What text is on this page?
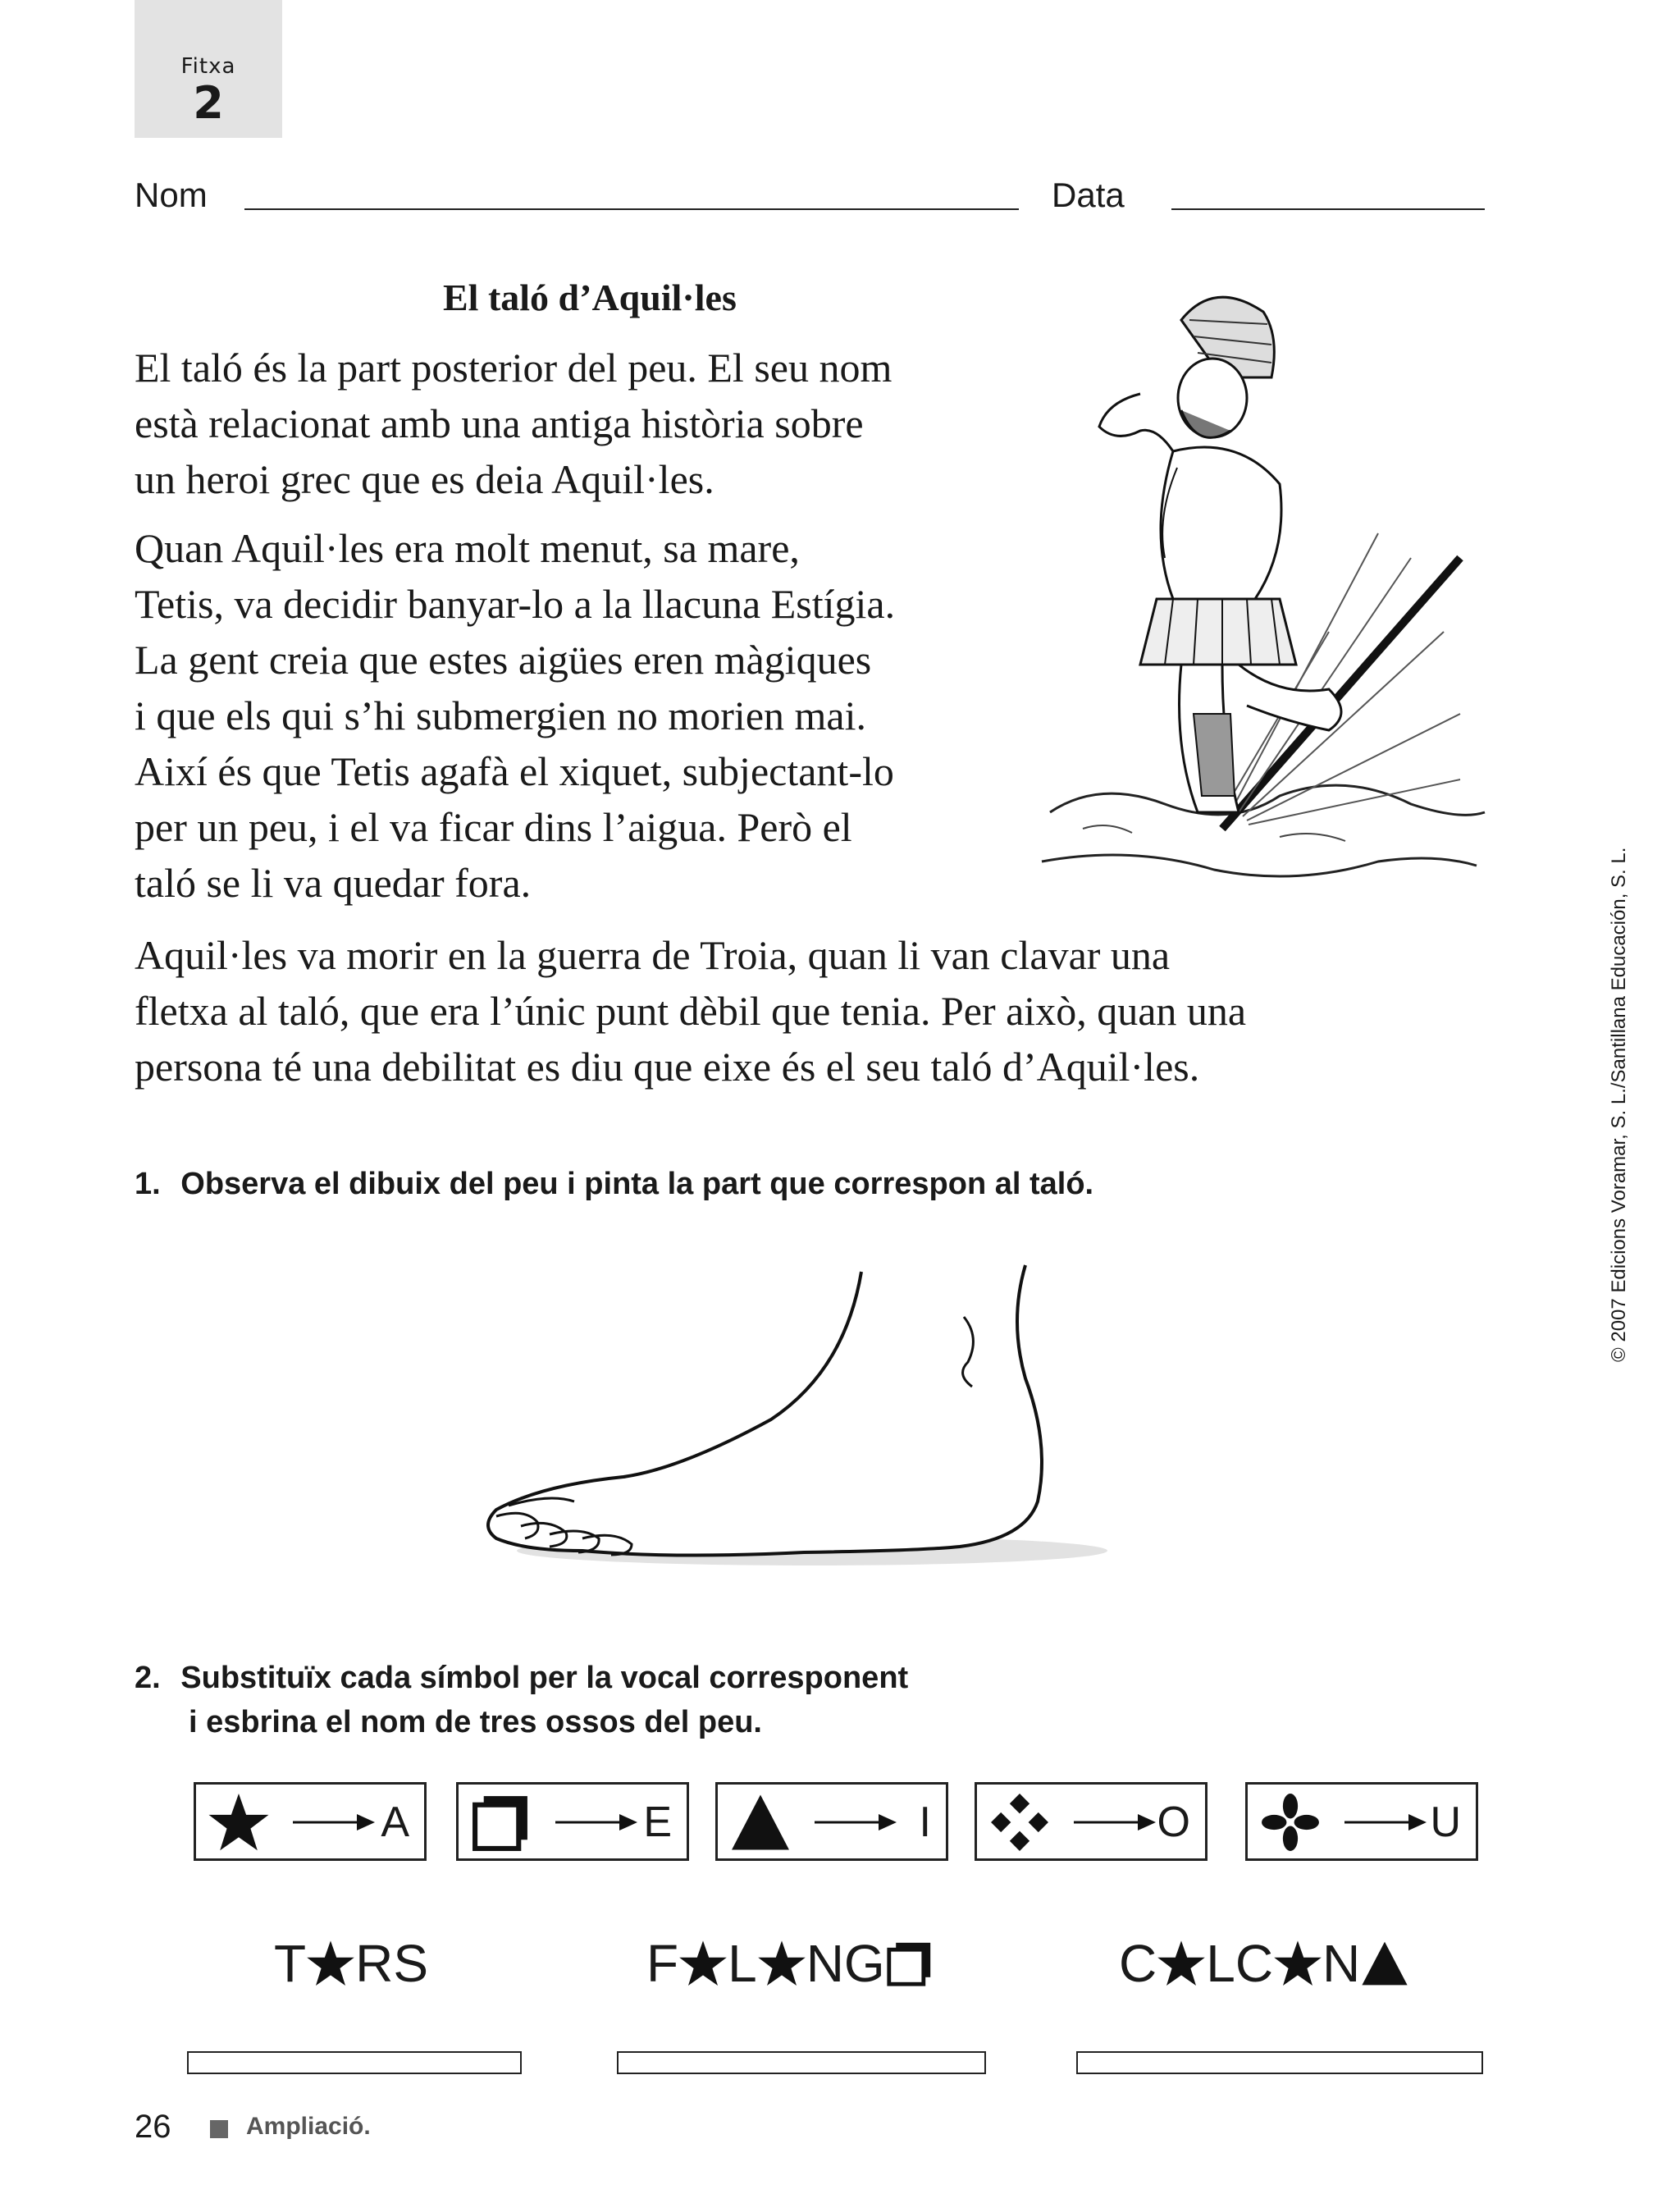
Fitxa
2
Nom	Data
El taló d’Aquil·les

El taló és la part posterior del peu. El seu nom

està relacionat amb una antiga història sobre

un heroi grec que es deia Aquil·les.

Quan Aquil·les era molt menut, sa mare,

Tetis, va decidir banyar-lo a la llacuna Estígia.

La gent creia que estes aigües eren màgiques

i que els qui s’hi submergien no morien mai.

Així és que Tetis agafà el xiquet, subjectant-lo

per un peu, i el va ficar dins l’aigua. Però el

taló se li va quedar fora.

Aquil·les va morir en la guerra de Troia, quan li van clavar una

fletxa al taló, que era l’únic punt dèbil que tenia. Per això, quan una

persona té una debilitat es diu que eixe és el seu taló d’Aquil·les.

1. Observa el dibuix del peu i pinta la part que correspon al taló.
2. Substituïx cada símbol per la vocal corresponent
i esbrina el nom de tres ossos del peu.
A	E	I	O	U
T RS	F L NG	C LC N
26	Ampliació.
© 2007 Edicions Voramar, S. L./Santillana Educación, S. L.
